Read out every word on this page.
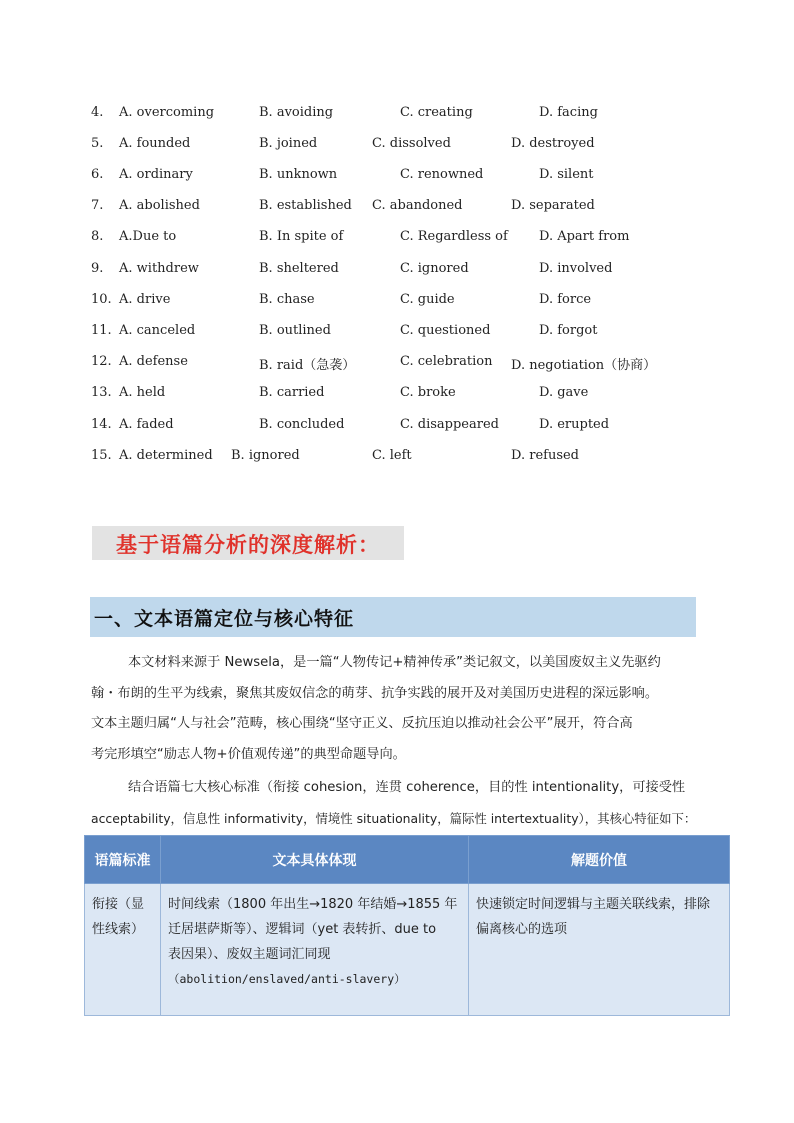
4. A. overcoming	B. avoiding	C. creating	D. facing
5. A. founded	B. joined	C. dissolved	D. destroyed
6. A. ordinary	B. unknown	C. renowned	D. silent
7. A. abolished	B. established C. abandoned	D. separated
8. A.Due to	B. In spite of	C. Regardless of D. Apart from
9. A. withdrew	B. sheltered	C. ignored	D. involved
10. A. drive	B. chase	C. guide	D. force
11. A. canceled	B. outlined	C. questioned	D. forgot
12. A. defense	B. raid（急袭）	C. celebration D. negotiation（协商）
13. A. held	B. carried	C. broke	D. gave
14. A. faded	B. concluded	C. disappeared	D. erupted
15. A. determined B. ignored	C. left	D. refused
基于语篇分析的深度解析：
一、文本语篇定位与核心特征
本文材料来源于 Newsela，是一篇“人物传记+精神传承”类记叙文，以美国废奴主义先驱约
翰・布朗的生平为线索，聚焦其废奴信念的萌芽、抗争实践的展开及对美国历史进程的深远影响。
文本主题归属“人与社会”范畴，核心围绕“坚守正义、反抗压迫以推动社会公平”展开，符合高
考完形填空“励志人物+价值观传递”的典型命题导向。
结合语篇七大核心标准（衔接 cohesion，连贯 coherence，目的性 intentionality，可接受性
acceptability，信息性 informativity，情境性 situationality，篇际性 intertextuality），其核心特征如下：
语篇标准	文本具体体现	解题价值
衔接（显性线索）	时间线索（1800 年出生→1820 年结婚→1855 年
迁居堪萨斯等）、逻辑词（yet 表转折、due to
表因果）、废奴主题词汇同现
（abolition/enslaved/anti-slavery）	快速锁定时间逻辑与主题关联线索，排除偏离核心的选项
